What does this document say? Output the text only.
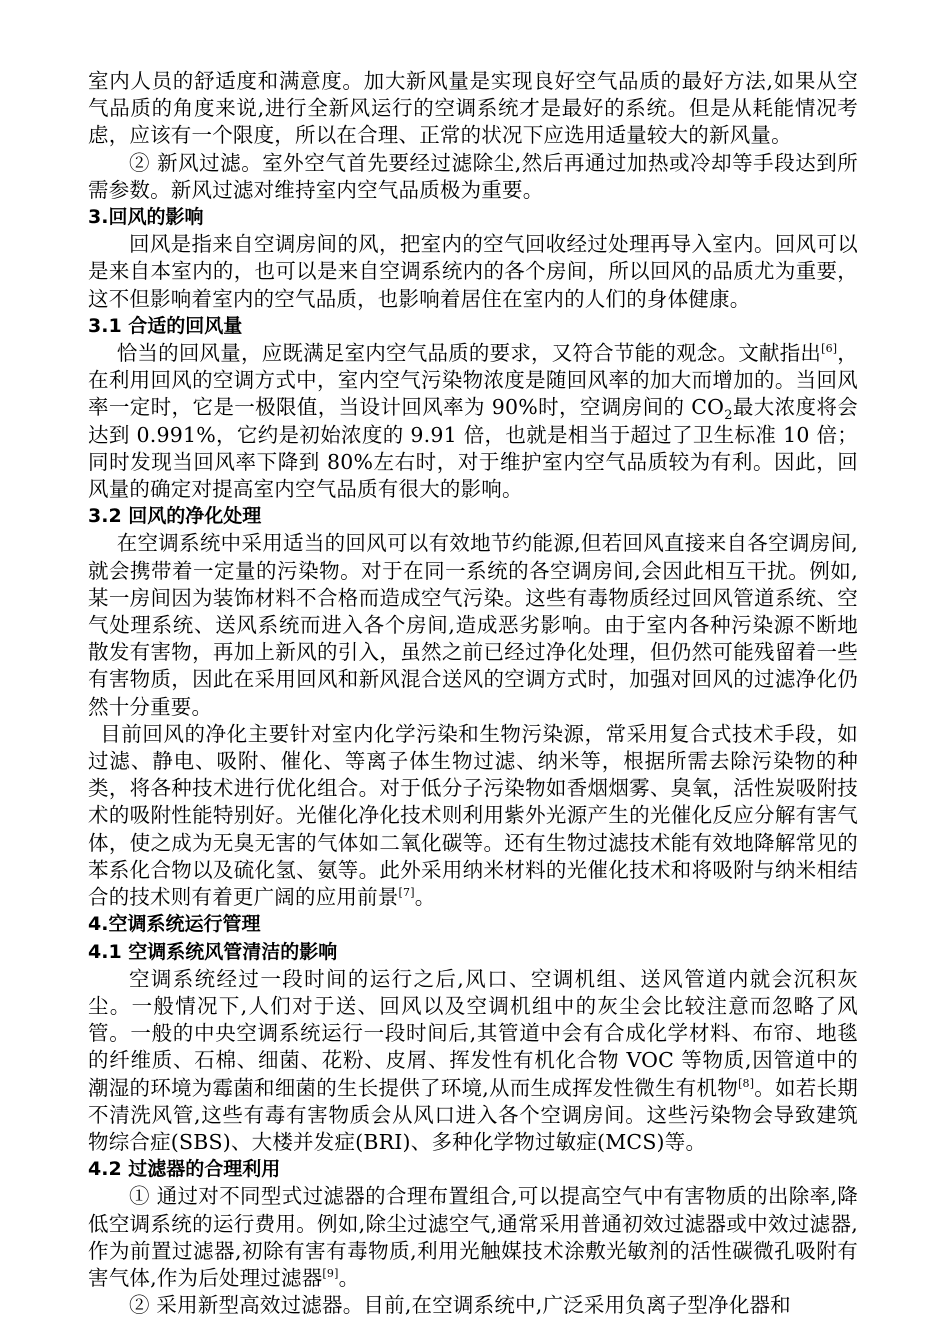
室内人员的舒适度和满意度。加大新风量是实现良好空气品质的最好方法,如果从空气品质的角度来说,进行全新风运行的空调系统才是最好的系统。但是从耗能情况考虑，应该有一个限度，所以在合理、正常的状况下应选用适量较大的新风量。

② 新风过滤。室外空气首先要经过滤除尘,然后再通过加热或冷却等手段达到所需参数。新风过滤对维持室内空气品质极为重要。

3.回风的影响

回风是指来自空调房间的风，把室内的空气回收经过处理再导入室内。回风可以是来自本室内的，也可以是来自空调系统内的各个房间，所以回风的品质尤为重要，这不但影响着室内的空气品质，也影响着居住在室内的人们的身体健康。

3.1 合适的回风量

恰当的回风量，应既满足室内空气品质的要求，又符合节能的观念。文献指出[6]，在利用回风的空调方式中，室内空气污染物浓度是随回风率的加大而增加的。当回风率一定时，它是一极限值，当设计回风率为 90%时，空调房间的 $CO_2$最大浓度将会达到 0.991%，它约是初始浓度的 9.91 倍，也就是相当于超过了卫生标准 10 倍；同时发现当回风率下降到 80%左右时，对于维护室内空气品质较为有利。因此，回风量的确定对提高室内空气品质有很大的影响。

3.2 回风的净化处理

在空调系统中采用适当的回风可以有效地节约能源,但若回风直接来自各空调房间,就会携带着一定量的污染物。对于在同一系统的各空调房间,会因此相互干扰。例如,某一房间因为装饰材料不合格而造成空气污染。这些有毒物质经过回风管道系统、空气处理系统、送风系统而进入各个房间,造成恶劣影响。由于室内各种污染源不断地散发有害物，再加上新风的引入，虽然之前已经过净化处理，但仍然可能残留着一些有害物质，因此在采用回风和新风混合送风的空调方式时，加强对回风的过滤净化仍然十分重要。

目前回风的净化主要针对室内化学污染和生物污染源，常采用复合式技术手段，如过滤、静电、吸附、催化、等离子体生物过滤、纳米等，根据所需去除污染物的种类，将各种技术进行优化组合。对于低分子污染物如香烟烟雾、臭氧，活性炭吸附技术的吸附性能特别好。光催化净化技术则利用紫外光源产生的光催化反应分解有害气体，使之成为无臭无害的气体如二氧化碳等。还有生物过滤技术能有效地降解常见的苯系化合物以及硫化氢、氨等。此外采用纳米材料的光催化技术和将吸附与纳米相结合的技术则有着更广阔的应用前景[7]。

4.空调系统运行管理
4.1 空调系统风管清洁的影响

空调系统经过一段时间的运行之后,风口、空调机组、送风管道内就会沉积灰尘。一般情况下,人们对于送、回风以及空调机组中的灰尘会比较注意而忽略了风管。一般的中央空调系统运行一段时间后,其管道中会有合成化学材料、布帘、地毯的纤维质、石棉、细菌、花粉、皮屑、挥发性有机化合物 VOC 等物质,因管道中的潮湿的环境为霉菌和细菌的生长提供了环境,从而生成挥发性微生有机物[8]。如若长期不清洗风管,这些有毒有害物质会从风口进入各个空调房间。这些污染物会导致建筑物综合症(SBS)、大楼并发症(BRI)、多种化学物过敏症(MCS)等。

4.2 过滤器的合理利用

① 通过对不同型式过滤器的合理布置组合,可以提高空气中有害物质的出除率,降低空调系统的运行费用。例如,除尘过滤空气,通常采用普通初效过滤器或中效过滤器,作为前置过滤器,初除有害有毒物质,利用光触媒技术涂敷光敏剂的活性碳微孔吸附有害气体,作为后处理过滤器[9]。

② 采用新型高效过滤器。目前,在空调系统中,广泛采用负离子型净化器和
